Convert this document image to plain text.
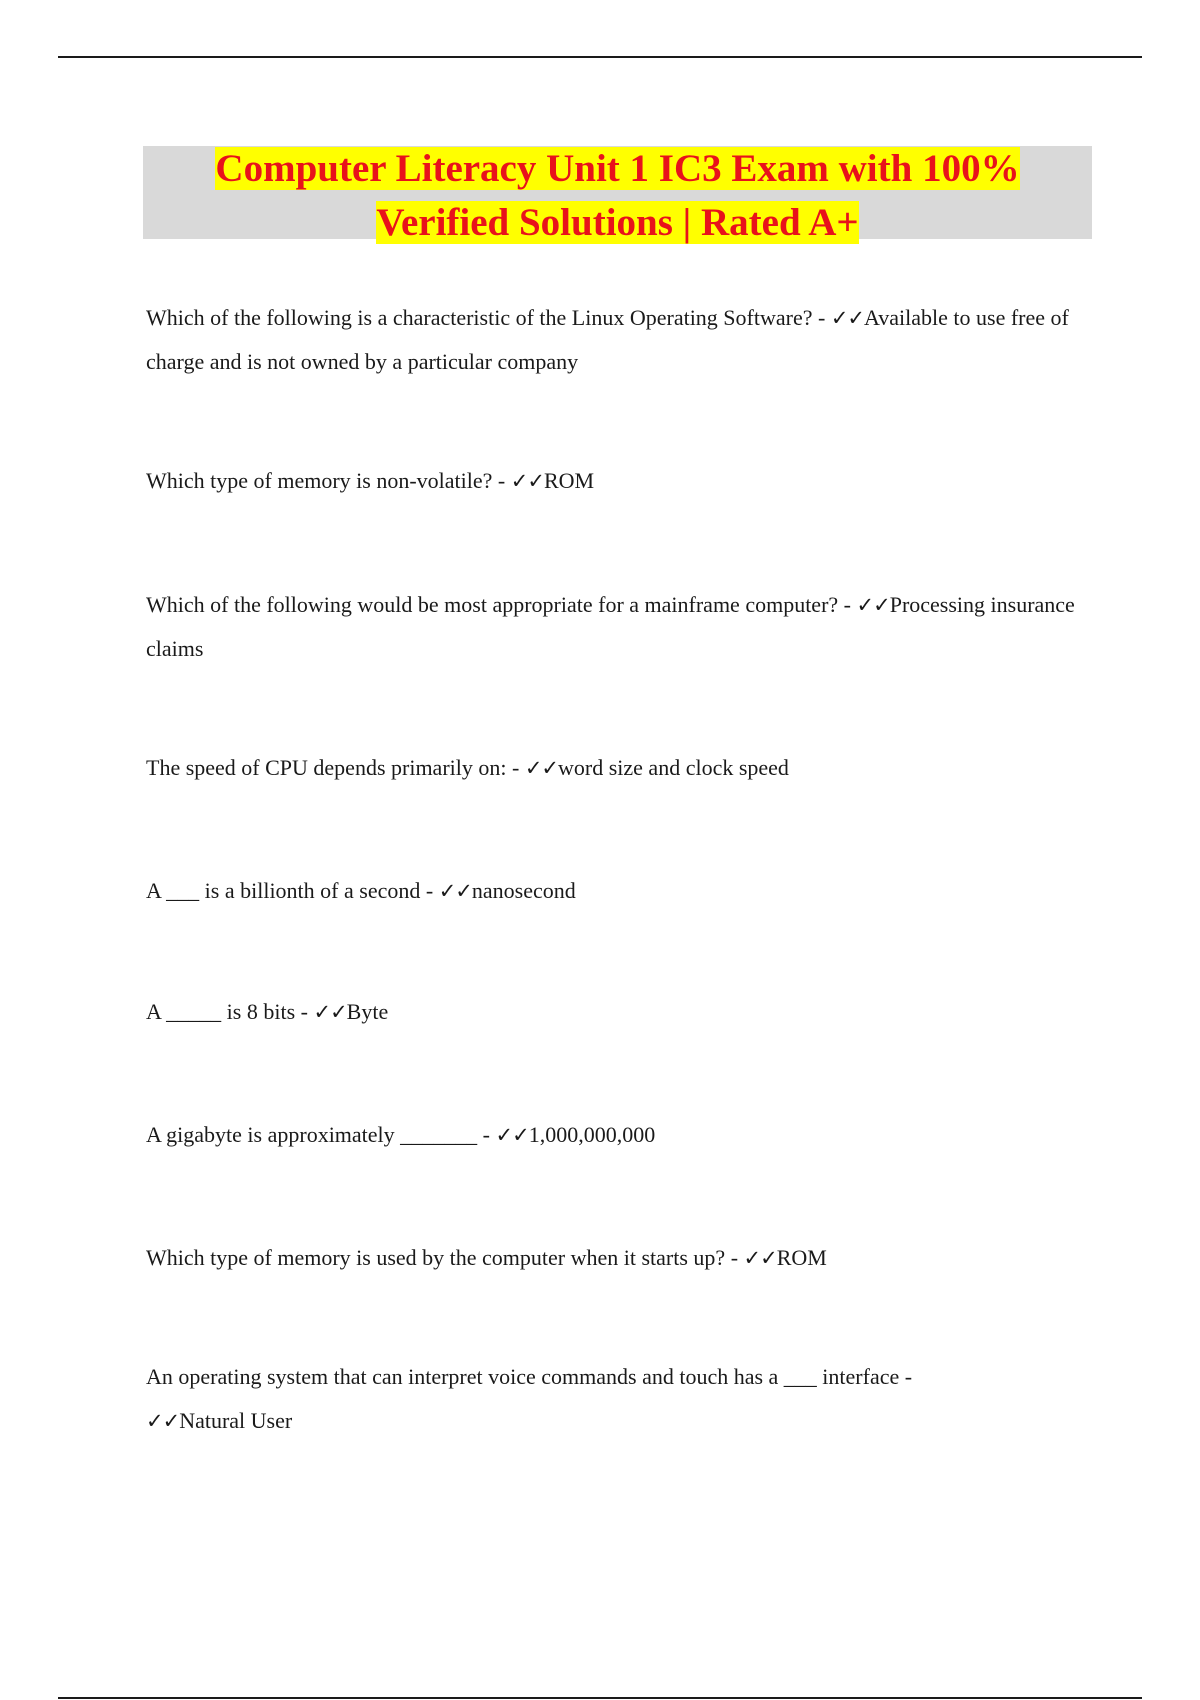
Computer Literacy Unit 1 IC3 Exam with 100%
Verified Solutions | Rated A+
Which of the following is a characteristic of the Linux Operating Software? - ✓✓Available to use free of charge and is not owned by a particular company
Which type of memory is non-volatile? - ✓✓ROM
Which of the following would be most appropriate for a mainframe computer? - ✓✓Processing insurance claims
The speed of CPU depends primarily on: - ✓✓word size and clock speed
A ___ is a billionth of a second - ✓✓nanosecond
A _____ is 8 bits - ✓✓Byte
A gigabyte is approximately _______ - ✓✓1,000,000,000
Which type of memory is used by the computer when it starts up? - ✓✓ROM
An operating system that can interpret voice commands and touch has a ___ interface -
✓✓Natural User
